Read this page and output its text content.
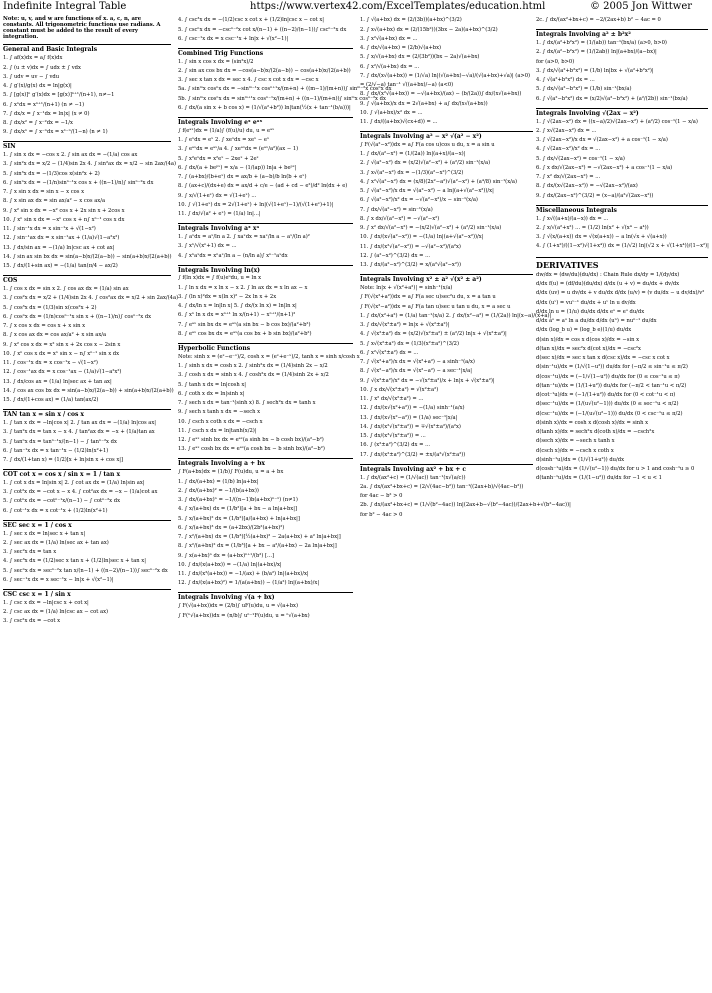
Indefinite Integral Table	https://www.vertex42.com/ExcelTemplates/education.html	© 2005 Jon Wittwer
Note: u, v, and w are functions of x. a, c, n, are constants. All trigonometric functions use radians. A constant must be added to the result of every integration.
General and Basic Integrals
1. ∫ af(x)dx = a∫ f(x)dx
2. ∫ (u ± v)dx = ∫ udx ± ∫ vdx
3. ∫ udv = uv − ∫ vdu
4. ∫ g′(x)/g(x) dx = ln|g(x)|
5. ∫ [g(x)]ⁿ g′(x)dx = [g(x)]ⁿ⁺¹/(n+1), n≠−1
6. ∫ xⁿdx = xⁿ⁺¹/(n+1) (n ≠ −1)
7. ∫ dx/x = ∫ x⁻¹dx = ln|x| (x ≠ 0)
8. ∫ dx/x² = ∫ x⁻²dx = −1/x
9. ∫ dx/xⁿ = ∫ x⁻ⁿdx = x¹⁻ⁿ/(1−n) (n ≠ 1)
SIN
1. ∫ sin x dx = −cos x 2. ∫ sin ax dx = −(1/a) cos ax
3. ∫ sin²x dx = x/2 − (1/4)sin 2x 4. ∫ sin²ax dx = x/2 − sin 2ax/(4a)
5. ∫ sin³x dx = −(1/3)cos x(sin²x + 2)
6. ∫ sinⁿx dx = −(1/n)sinⁿ⁻¹x cos x + ((n−1)/n)∫ sinⁿ⁻²x dx
7. ∫ x sin x dx = sin x − x cos x
8. ∫ x sin ax dx = sin ax/a² − x cos ax/a
9. ∫ x² sin x dx = −x² cos x + 2x sin x + 2cos x
10. ∫ xⁿ sin x dx = −xⁿ cos x + n∫ xⁿ⁻¹ cos x dx
11. ∫ sin⁻¹x dx = x sin⁻¹x + √(1−x²)
12. ∫ sin⁻¹ax dx = x sin⁻¹ax + (1/a)√(1−a²x²)
13. ∫ dx/sin ax = −(1/a) ln|csc ax + cot ax|
14. ∫ sin ax sin bx dx = sin(a−b)x/(2(a−b)) − sin(a+b)x/(2(a+b))
15. ∫ dx/(1+sin ax) = −(1/a) tan(π/4 − ax/2)
COS
1. ∫ cos x dx = sin x 2. ∫ cos ax dx = (1/a) sin ax
3. ∫ cos²x dx = x/2 + (1/4)sin 2x 4. ∫ cos²ax dx = x/2 + sin 2ax/(4a)
5. ∫ cos³x dx = (1/3)sin x(cos²x + 2)
6. ∫ cosⁿx dx = (1/n)cosⁿ⁻¹x sin x + ((n−1)/n)∫ cosⁿ⁻²x dx
7. ∫ x cos x dx = cos x + x sin x
8. ∫ x cos ax dx = cos ax/a² + x sin ax/a
9. ∫ x² cos x dx = x² sin x + 2x cos x − 2sin x
10. ∫ xⁿ cos x dx = xⁿ sin x − n∫ xⁿ⁻¹ sin x dx
11. ∫ cos⁻¹x dx = x cos⁻¹x − √(1−x²)
12. ∫ cos⁻¹ax dx = x cos⁻¹ax − (1/a)√(1−a²x²)
13. ∫ dx/cos ax = (1/a) ln|sec ax + tan ax|
14. ∫ cos ax cos bx dx = sin(a−b)x/(2(a−b)) + sin(a+b)x/(2(a+b))
15. ∫ dx/(1+cos ax) = (1/a) tan(ax/2)
TAN tan x = sin x / cos x
1. ∫ tan x dx = −ln|cos x| 2. ∫ tan ax dx = −(1/a) ln|cos ax|
3. ∫ tan²x dx = tan x − x 4. ∫ tan²ax dx = −x + (1/a)tan ax
5. ∫ tanⁿx dx = tanⁿ⁻¹x/(n−1) − ∫ tanⁿ⁻²x dx
6. ∫ tan⁻¹x dx = x tan⁻¹x − (1/2)ln(x²+1)
7. ∫ dx/(1+tan x) = (1/2)[x + ln|sin x + cos x|]
COT cot x = cos x / sin x = 1 / tan x
1. ∫ cot x dx = ln|sin x| 2. ∫ cot ax dx = (1/a) ln|sin ax|
3. ∫ cot²x dx = −cot x − x 4. ∫ cot²ax dx = −x − (1/a)cot ax
5. ∫ cotⁿx dx = −cotⁿ⁻¹x/(n−1) − ∫ cotⁿ⁻²x dx
6. ∫ cot⁻¹x dx = x cot⁻¹x + (1/2)ln(x²+1)
SEC sec x = 1 / cos x
1. ∫ sec x dx = ln|sec x + tan x|
2. ∫ sec ax dx = (1/a) ln(sec ax + tan ax)
3. ∫ sec²x dx = tan x
4. ∫ sec³x dx = (1/2)sec x tan x + (1/2)ln|sec x + tan x|
5. ∫ secⁿx dx = secⁿ⁻²x tan x/(n−1) + ((n−2)/(n−1))∫ secⁿ⁻²x dx
6. ∫ sec⁻¹x dx = x sec⁻¹x − ln|x + √(x²−1)|
CSC csc x = 1 / sin x
1. ∫ csc x dx = −ln|csc x + cot x|
2. ∫ csc ax dx = (1/a) ln(csc ax − cot ax)
3. ∫ csc²x dx = −cot x
4. ∫ csc³x dx = −(1/2)csc x cot x + (1/2)ln|csc x − cot x|
5. ∫ cscⁿx dx = −cscⁿ⁻²x cot x/(n−1) + ((n−2)/(n−1))∫ cscⁿ⁻²x dx
6. ∫ csc⁻¹x dx = x csc⁻¹x + ln|x + √(x²−1)|
Combined Trig Functions
1. ∫ sin x cos x dx = (sin²x)/2
2. ∫ sin ax cos bx dx = −cos(a−b)x/(2(a−b)) − cos(a+b)x/(2(a+b))
3. ∫ sec x tan x dx = sec x 4. ∫ csc x cot x dx = −csc x
5a. ∫ sinᵐx cosⁿx dx = −sinᵐ⁻¹x cosⁿ⁺¹x/(m+n) + ((m−1)/(m+n))∫ sinᵐ⁻²x cosⁿx dx
5b. ∫ sinᵐx cosⁿx dx = sinᵐ⁺¹x cosⁿ⁻¹x/(m+n) + ((n−1)/(m+n))∫ sinᵐx cosⁿ⁻²x dx
6. ∫ dx/(a sin x + b cos x) = (1/√(a²+b²)) ln|tan(½(x + tan⁻¹(b/a)))|
Integrals Involving eˣ eᵃˣ
∫ f(eᵃˣ)dx = (1/a)∫ (f(u)/u) du, u = eᵃˣ
1. ∫ eˣdx = eˣ 2. ∫ xeˣdx = xeˣ − eˣ
3. ∫ eᵃˣdx = eᵃˣ/a 4. ∫ xeᵃˣdx = (eᵃˣ/a²)(ax − 1)
5. ∫ x²eˣdx = x²eˣ − 2xeˣ + 2eˣ
6. ∫ dx/(a + beᵖˣ) = x/a − (1/(ap)) ln|a + beᵖˣ|
7. ∫ (a+bx)/(b+eˣ) dx = ax/b + (a−b)/b ln(b + eˣ)
8. ∫ (ax+c)/(dx+e) dx = ax/d + c/e − (ad + cd − e²)/d² ln(dx + e)
9. ∫ x/√(1+eˣ) dx = √(1+eˣ) ...
10. ∫ √(1+eˣ) dx = 2√(1+eˣ) + ln|(√(1+eˣ)−1)/(√(1+eˣ)+1)|
11. ∫ dx/√(a² + eˣ) = (1/a) ln|...|
Integrals Involving aˣ xᵃ
1. ∫ aˣdx = aˣ/ln a 2. ∫ xaˣdx = xaˣ/ln a − aˣ/(ln a)²
3. ∫ xⁿ/√(xⁿ+1) dx = ...
4. ∫ xⁿaˣdx = xⁿaˣ/ln a − (n/ln a)∫ xⁿ⁻¹aˣdx
Integrals Involving ln(x)
∫ f(ln x)dx = ∫ f(u)eᵘdu, u = ln x
1. ∫ ln x dx = x ln x − x 2. ∫ ln ax dx = x ln ax − x
3. ∫ (ln x)²dx = x(ln x)² − 2x ln x + 2x
4. ∫ dx/ln x = ln|ln x| 5. ∫ dx/(x ln x) = ln|ln x|
6. ∫ xⁿ ln x dx = xⁿ⁺¹ ln x/(n+1) − xⁿ⁺¹/(n+1)²
7. ∫ eᵃˣ sin bx dx = eᵃˣ(a sin bx − b cos bx)/(a²+b²)
8. ∫ eᵃˣ cos bx dx = eᵃˣ(a cos bx + b sin bx)/(a²+b²)
Hyperbolic Functions
Note: sinh x = (eˣ−e⁻ˣ)/2, cosh x = (eˣ+e⁻ˣ)/2, tanh x = sinh x/cosh x
1. ∫ sinh x dx = cosh x 2. ∫ sinh²x dx = (1/4)sinh 2x − x/2
3. ∫ cosh x dx = sinh x 4. ∫ cosh²x dx = (1/4)sinh 2x + x/2
5. ∫ tanh x dx = ln|cosh x|
6. ∫ coth x dx = ln|sinh x|
7. ∫ sech x dx = tan⁻¹(sinh x) 8. ∫ sech²x dx = tanh x
9. ∫ sech x tanh x dx = −sech x
10. ∫ csch x coth x dx = −csch x
11. ∫ csch x dx = ln|tanh(x/2)|
12. ∫ eᵃˣ sinh bx dx = eᵃˣ(a sinh bx − b cosh bx)/(a²−b²)
13. ∫ eᵃˣ cosh bx dx = eᵃˣ(a cosh bx − b sinh bx)/(a²−b²)
Integrals Involving a + bx
∫ F(a+bx)dx = (1/b)∫ F(u)du, u = a + bx
1. ∫ dx/(a+bx) = (1/b) ln|a+bx|
2. ∫ dx/(a+bx)² = −1/(b(a+bx))
3. ∫ dx/(a+bx)ⁿ = −1/((n−1)b(a+bx)ⁿ⁻¹) (n≠1)
4. ∫ x/(a+bx) dx = (1/b²)[a + bx − a ln|a+bx|]
5. ∫ x/(a+bx)² dx = (1/b²)[a/(a+bx) + ln|a+bx|]
6. ∫ x/(a+bx)³ dx = (a+2bx)/(2b²(a+bx)²)
7. ∫ x²/(a+bx) dx = (1/b³)[½(a+bx)² − 2a(a+bx) + a² ln|a+bx|]
8. ∫ x²/(a+bx)² dx = (1/b³)[a + bx − a²/(a+bx) − 2a ln|a+bx|]
9. ∫ x(a+bx)ⁿ dx = (a+bx)ⁿ⁺¹/(b²) [...]
10. ∫ dx/(x(a+bx)) = −(1/a) ln|(a+bx)/x|
11. ∫ dx/(x²(a+bx)) = −1/(ax) + (b/a²) ln|(a+bx)/x|
12. ∫ dx/(x(a+bx)²) = 1/(a(a+bx)) − (1/a²) ln|(a+bx)/x|
Integrals Involving √(a + bx)
∫ F(√(a+bx))dx = (2/b)∫ uF(u)du, u = √(a+bx)
∫ F(ⁿ√(a+bx))dx = (n/b)∫ uⁿ⁻¹F(u)du, u = ⁿ√(a+bx)
1. ∫ √(a+bx) dx = (2/(3b))(a+bx)^(3/2)
2. ∫ x√(a+bx) dx = (2/(15b²))(3bx − 2a)(a+bx)^(3/2)
3. ∫ x²√(a+bx) dx = ...
4. ∫ dx/√(a+bx) = (2/b)√(a+bx)
5. ∫ x/√(a+bx) dx = (2/(3b²))(bx − 2a)√(a+bx)
6. ∫ x²/√(a+bx) dx = ...
7. ∫ dx/(x√(a+bx)) = (1/√a) ln|(√(a+bx)−√a)/(√(a+bx)+√a)| (a>0)
= (2/√−a) tan⁻¹ √((a+bx)/−a) (a<0)
8. ∫ dx/(x²√(a+bx)) = −√(a+bx)/(ax) − (b/(2a))∫ dx/(x√(a+bx))
9. ∫ √(a+bx)/x dx = 2√(a+bx) + a∫ dx/(x√(a+bx))
10. ∫ √(a+bx)/x² dx = ...
11. ∫ dx/((a+bx)√(cx+d)) = ...
Integrals Involving a² − x² √(a² − x²)
∫ F(√(a²−x²))dx = a∫ F(a cos u)cos u du, x = a sin u
1. ∫ dx/(a²−x²) = (1/(2a)) ln|(a+x)/(a−x)|
2. ∫ √(a²−x²) dx = (x/2)√(a²−x²) + (a²/2) sin⁻¹(x/a)
3. ∫ x√(a²−x²) dx = −(1/3)(a²−x²)^(3/2)
4. ∫ x²√(a²−x²) dx = (x/8)(2x²−a²)√(a²−x²) + (a⁴/8) sin⁻¹(x/a)
5. ∫ √(a²−x²)/x dx = √(a²−x²) − a ln|(a+√(a²−x²))/x|
6. ∫ √(a²−x²)/x² dx = −√(a²−x²)/x − sin⁻¹(x/a)
7. ∫ dx/√(a²−x²) = sin⁻¹(x/a)
8. ∫ x dx/√(a²−x²) = −√(a²−x²)
9. ∫ x² dx/√(a²−x²) = −(x/2)√(a²−x²) + (a²/2) sin⁻¹(x/a)
10. ∫ dx/(x√(a²−x²)) = −(1/a) ln|(a+√(a²−x²))/x|
11. ∫ dx/(x²√(a²−x²)) = −√(a²−x²)/(a²x)
12. ∫ (a²−x²)^(3/2) dx = ...
13. ∫ dx/(a²−x²)^(3/2) = x/(a²√(a²−x²))
Integrals Involving x² ± a² √(x² ± a²)
Note: ln|x + √(x²+a²)| = sinh⁻¹(x/a)
∫ F(√(x²+a²))dx = a∫ F(a sec u)sec²u du, x = a tan u
∫ F(√(x²−a²))dx = a∫ F(a tan u)sec u tan u du, x = a sec u
1. ∫ dx/(x²+a²) = (1/a) tan⁻¹(x/a) 2. ∫ dx/(x²−a²) = (1/(2a)) ln|(x−a)/(x+a)|
3. ∫ dx/√(x²±a²) = ln|x + √(x²±a²)|
4. ∫ √(x²±a²) dx = (x/2)√(x²±a²) ± (a²/2) ln|x + √(x²±a²)|
5. ∫ x√(x²±a²) dx = (1/3)(x²±a²)^(3/2)
6. ∫ x²√(x²±a²) dx = ...
7. ∫ √(x²+a²)/x dx = √(x²+a²) − a sinh⁻¹(a/x)
8. ∫ √(x²−a²)/x dx = √(x²−a²) − a sec⁻¹|x/a|
9. ∫ √(x²±a²)/x² dx = −√(x²±a²)/x + ln|x + √(x²±a²)|
10. ∫ x dx/√(x²±a²) = √(x²±a²)
11. ∫ x² dx/√(x²±a²) = ...
12. ∫ dx/(x√(x²+a²)) = −(1/a) sinh⁻¹(a/x)
13. ∫ dx/(x√(x²−a²)) = (1/a) sec⁻¹|x/a|
14. ∫ dx/(x²√(x²±a²)) = ∓√(x²±a²)/(a²x)
15. ∫ dx/(x³√(x²±a²)) = ...
16. ∫ (x²±a²)^(3/2) dx = ...
17. ∫ dx/(x²±a²)^(3/2) = ±x/(a²√(x²±a²))
Integrals Involving ax² + bx + c
1. ∫ dx/(ax²+c) = (1/√(ac)) tan⁻¹(x√(a/c))
2a. ∫ dx/(ax²+bx+c) = (2/√(4ac−b²)) tan⁻¹((2ax+b)/√(4ac−b²))
for 4ac − b² > 0
2b. ∫ dx/(ax²+bx+c) = (1/√(b²−4ac)) ln|(2ax+b−√(b²−4ac))/(2ax+b+√(b²−4ac))|
for b² − 4ac > 0
2c. ∫ dx/(ax²+bx+c) = −2/(2ax+b) b² − 4ac = 0
Integrals Involving a² ± b²x²
1. ∫ dx/(a²+b²x²) = (1/(ab)) tan⁻¹(bx/a) (a>0, b>0)
2. ∫ dx/(a²−b²x²) = (1/(2ab)) ln|(a+bx)/(a−bx)|
for (a>0, b>0)
3. ∫ dx/√(a²+b²x²) = (1/b) ln|bx + √(a²+b²x²)|
4. ∫ √(a²+b²x²) dx = ...
5. ∫ dx/√(a²−b²x²) = (1/b) sin⁻¹(bx/a)
6. ∫ √(a²−b²x²) dx = (x/2)√(a²−b²x²) + (a²/(2b)) sin⁻¹(bx/a)
Integrals Involving √(2ax − x²)
1. ∫ √(2ax−x²) dx = ((x−a)/2)√(2ax−x²) + (a²/2) cos⁻¹(1 − x/a)
2. ∫ x√(2ax−x²) dx = ...
3. ∫ √(2ax−x²)/x dx = √(2ax−x²) + a cos⁻¹(1 − x/a)
4. ∫ √(2ax−x²)/x² dx = ...
5. ∫ dx/√(2ax−x²) = cos⁻¹(1 − x/a)
6. ∫ x dx/√(2ax−x²) = −√(2ax−x²) + a cos⁻¹(1 − x/a)
7. ∫ x² dx/√(2ax−x²) = ...
8. ∫ dx/(x√(2ax−x²)) = −√(2ax−x²)/(ax)
9. ∫ dx/(2ax−x²)^(3/2) = (x−a)/(a²√(2ax−x²))
Miscellaneous Integrals
1. ∫ x√((a+x)/(a−x)) dx = ...
2. ∫ x/√(a²+x²) ... = (1/2) ln(x² + √(x⁴ − a⁴))
3. ∫ √(x/(a+x)) dx = √(x(a+x)) − a ln(√x + √(a+x))
4. ∫ (1+x²)/((1−x²)√(1+x⁴)) dx = (1/√2) ln|(√2 x + √(1+x⁴))/(1−x²)|
DERIVATIVES
dw/dx = (dw/du)(du/dx) : Chain Rule dx/dy = 1/(dy/dx)
d/dx f(u) = (df/du)(du/dx) d/dx (u + v) = du/dx + dv/dx
d/dx (uv) = u dv/dx + v du/dx d/dx (u/v) = (v du/dx − u dv/dx)/v²
d/dx (uᵛ) = vuᵛ⁻¹ du/dx + uᵛ ln u dv/dx
d/dx ln u = (1/u) du/dx d/dx eᵘ = eᵘ du/dx
d/dx aᵘ = aᵘ ln a du/dx d/dx (uⁿ) = nuⁿ⁻¹ du/dx
d/dx (log_b u) = (log_b e)(1/u) du/dx
d(sin x)/dx = cos x d(cos x)/dx = −sin x
d(tan x)/dx = sec²x d(cot x)/dx = −csc²x
d(sec x)/dx = sec x tan x d(csc x)/dx = −csc x cot x
d(sin⁻¹u)/dx = (1/√(1−u²)) du/dx for (−π/2 ≤ sin⁻¹u ≤ π/2)
d(cos⁻¹u)/dx = (−1/√(1−u²)) du/dx for (0 ≤ cos⁻¹u ≤ π)
d(tan⁻¹u)/dx = (1/(1+u²)) du/dx for (−π/2 < tan⁻¹u < π/2)
d(cot⁻¹u)/dx = (−1/(1+u²)) du/dx for (0 < cot⁻¹u < π)
d(sec⁻¹u)/dx = (1/(u√(u²−1))) du/dx (0 ≤ sec⁻¹u < π/2)
d(csc⁻¹u)/dx = (−1/(u√(u²−1))) du/dx (0 < csc⁻¹u ≤ π/2)
d(sinh x)/dx = cosh x d(cosh x)/dx = sinh x
d(tanh x)/dx = sech²x d(coth x)/dx = −csch²x
d(sech x)/dx = −sech x tanh x
d(csch x)/dx = −csch x coth x
d(sinh⁻¹u)/dx = (1/√(1+u²)) du/dx
d(cosh⁻¹u)/dx = (1/√(u²−1)) du/dx for u > 1 and cosh⁻¹u ≥ 0
d(tanh⁻¹u)/dx = (1/(1−u²)) du/dx for −1 < u < 1
